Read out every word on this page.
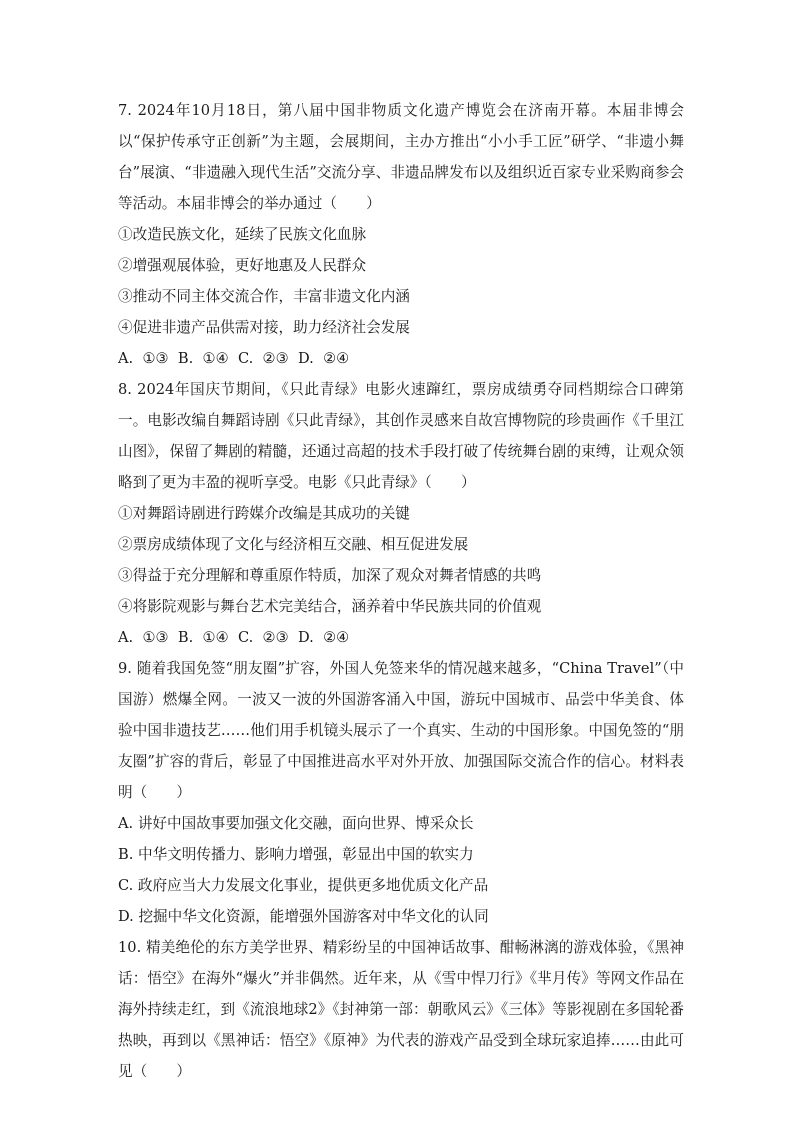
7. 2024年10月18日，第八届中国非物质文化遗产博览会在济南开幕。本届非博会以“保护传承守正创新”为主题，会展期间，主办方推出“小小手工匠”研学、“非遗小舞台”展演、“非遗融入现代生活”交流分享、非遗品牌发布以及组织近百家专业采购商参会等活动。本届非博会的举办通过（　　）

①改造民族文化，延续了民族文化血脉

②增强观展体验，更好地惠及人民群众

③推动不同主体交流合作，丰富非遗文化内涵

④促进非遗产品供需对接，助力经济社会发展

A.  ①③  B.  ①④  C.  ②③  D.  ②④

8. 2024年国庆节期间，《只此青绿》电影火速蹿红，票房成绩勇夺同档期综合口碑第一。电影改编自舞蹈诗剧《只此青绿》，其创作灵感来自故宫博物院的珍贵画作《千里江山图》，保留了舞剧的精髓，还通过高超的技术手段打破了传统舞台剧的束缚，让观众领略到了更为丰盈的视听享受。电影《只此青绿》（　　）

①对舞蹈诗剧进行跨媒介改编是其成功的关键

②票房成绩体现了文化与经济相互交融、相互促进发展

③得益于充分理解和尊重原作特质，加深了观众对舞者情感的共鸣

④将影院观影与舞台艺术完美结合，涵养着中华民族共同的价值观

A.  ①③  B.  ①④  C.  ②③  D.  ②④

9. 随着我国免签“朋友圈”扩容，外国人免签来华的情况越来越多，“China Travel”（中国游）燃爆全网。一波又一波的外国游客涌入中国，游玩中国城市、品尝中华美食、体验中国非遗技艺……他们用手机镜头展示了一个真实、生动的中国形象。中国免签的“朋友圈”扩容的背后，彰显了中国推进高水平对外开放、加强国际交流合作的信心。材料表明（　　）

A. 讲好中国故事要加强文化交融，面向世界、博采众长

B. 中华文明传播力、影响力增强，彰显出中国的软实力

C. 政府应当大力发展文化事业，提供更多地优质文化产品

D. 挖掘中华文化资源，能增强外国游客对中华文化的认同

10. 精美绝伦的东方美学世界、精彩纷呈的中国神话故事、酣畅淋漓的游戏体验，《黑神话：悟空》在海外“爆火”并非偶然。近年来，从《雪中悍刀行》《芈月传》等网文作品在海外持续走红，到《流浪地球2》《封神第一部：朝歌风云》《三体》等影视剧在多国轮番热映，再到以《黑神话：悟空》《原神》为代表的游戏产品受到全球玩家追捧……由此可见（　　）
